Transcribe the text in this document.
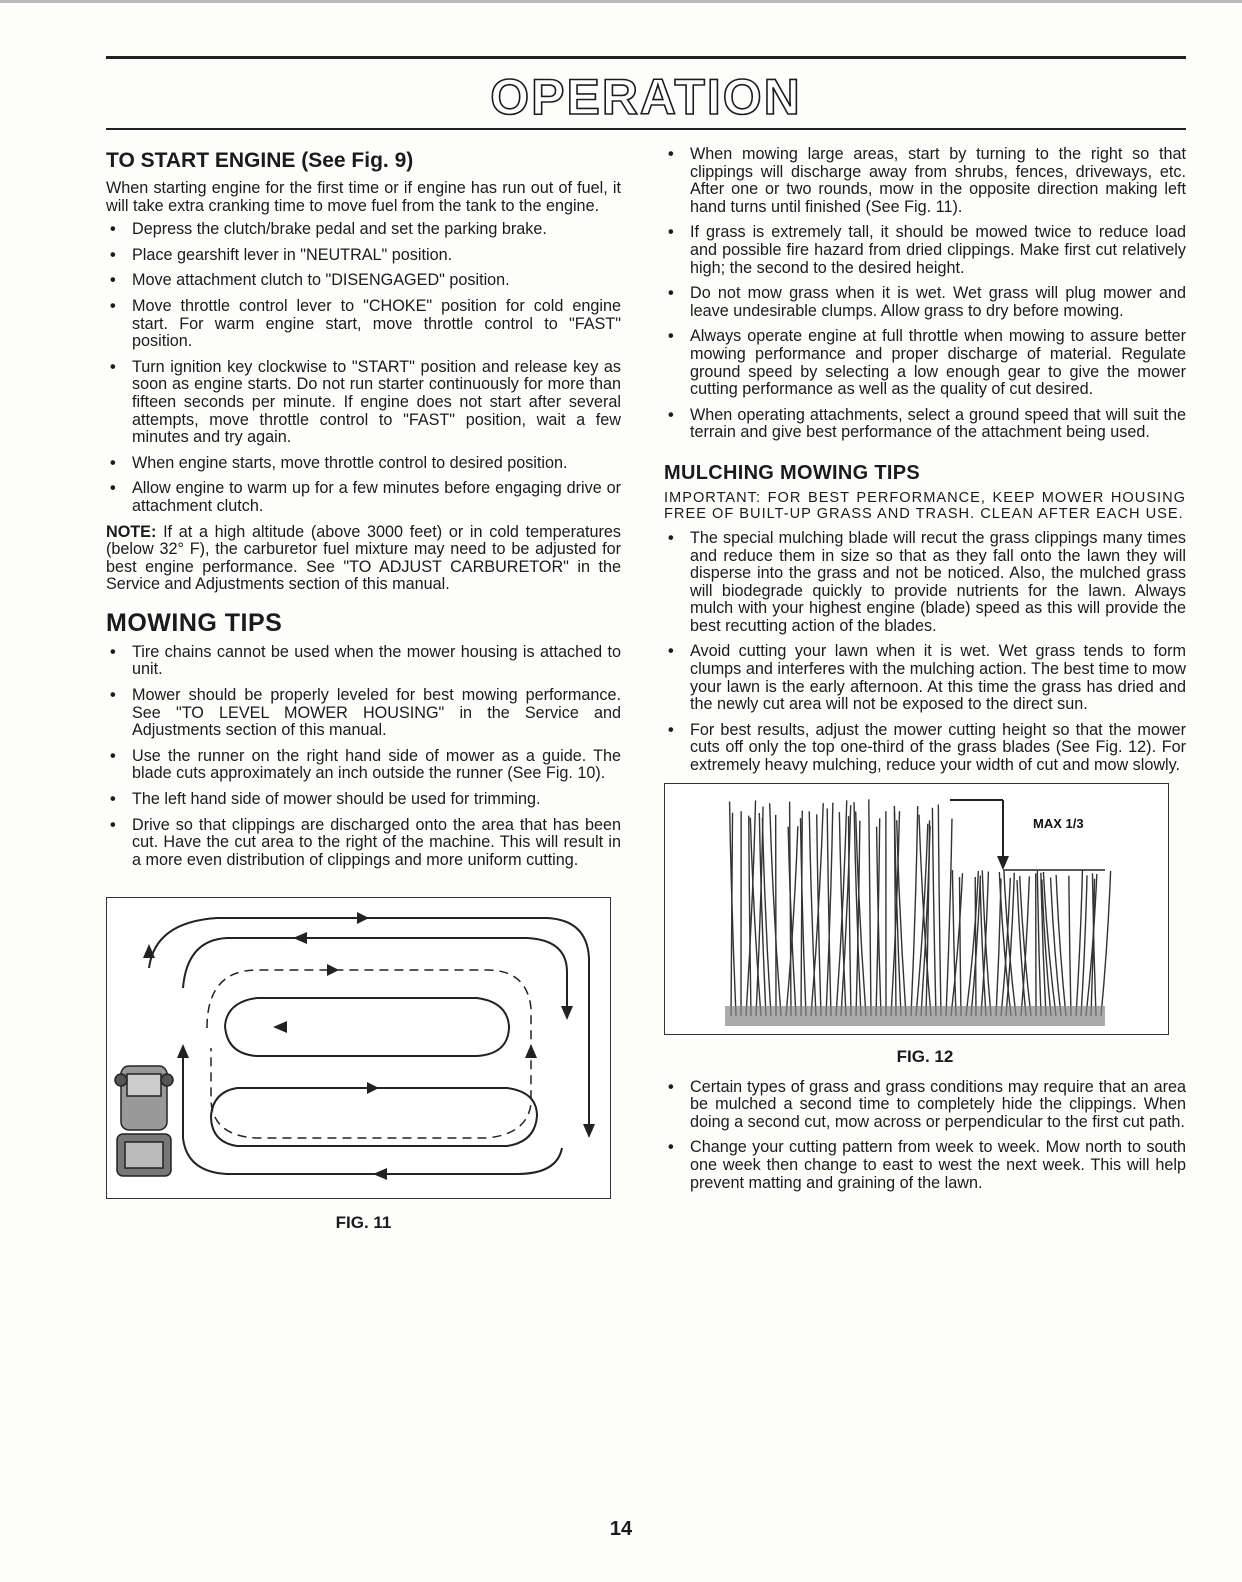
OPERATION
TO START ENGINE (See Fig. 9)

When starting engine for the first time or if engine has run out of fuel, it will take extra cranking time to move fuel from the tank to the engine.

• Depress the clutch/brake pedal and set the parking brake.
• Place gearshift lever in "NEUTRAL" position.
• Move attachment clutch to "DISENGAGED" position.
• Move throttle control lever to "CHOKE" position for cold engine start. For warm engine start, move throttle control to "FAST" position.
• Turn ignition key clockwise to "START" position and release key as soon as engine starts. Do not run starter continuously for more than fifteen seconds per minute. If engine does not start after several attempts, move throttle control to "FAST" position, wait a few minutes and try again.
• When engine starts, move throttle control to desired position.
• Allow engine to warm up for a few minutes before engaging drive or attachment clutch.

NOTE: If at a high altitude (above 3000 feet) or in cold temperatures (below 32° F), the carburetor fuel mixture may need to be adjusted for best engine performance. See "TO ADJUST CARBURETOR" in the Service and Adjustments section of this manual.

MOWING TIPS
• Tire chains cannot be used when the mower housing is attached to unit.
• Mower should be properly leveled for best mowing performance. See "TO LEVEL MOWER HOUSING" in the Service and Adjustments section of this manual.
• Use the runner on the right hand side of mower as a guide. The blade cuts approximately an inch outside the runner (See Fig. 10).
• The left hand side of mower should be used for trimming.
• Drive so that clippings are discharged onto the area that has been cut. Have the cut area to the right of the machine. This will result in a more even distribution of clippings and more uniform cutting.
FIG. 11
• When mowing large areas, start by turning to the right so that clippings will discharge away from shrubs, fences, driveways, etc. After one or two rounds, mow in the opposite direction making left hand turns until finished (See Fig. 11).
• If grass is extremely tall, it should be mowed twice to reduce load and possible fire hazard from dried clippings. Make first cut relatively high; the second to the desired height.
• Do not mow grass when it is wet. Wet grass will plug mower and leave undesirable clumps. Allow grass to dry before mowing.
• Always operate engine at full throttle when mowing to assure better mowing performance and proper discharge of material. Regulate ground speed by selecting a low enough gear to give the mower cutting performance as well as the quality of cut desired.
• When operating attachments, select a ground speed that will suit the terrain and give best performance of the attachment being used.
MULCHING MOWING TIPS

IMPORTANT: FOR BEST PERFORMANCE, KEEP MOWER HOUSING FREE OF BUILT-UP GRASS AND TRASH. CLEAN AFTER EACH USE.

• The special mulching blade will recut the grass clippings many times and reduce them in size so that as they fall onto the lawn they will disperse into the grass and not be noticed. Also, the mulched grass will biodegrade quickly to provide nutrients for the lawn. Always mulch with your highest engine (blade) speed as this will provide the best recutting action of the blades.
• Avoid cutting your lawn when it is wet. Wet grass tends to form clumps and interferes with the mulching action. The best time to mow your lawn is the early afternoon. At this time the grass has dried and the newly cut area will not be exposed to the direct sun.
• For best results, adjust the mower cutting height so that the mower cuts off only the top one-third of the grass blades (See Fig. 12). For extremely heavy mulching, reduce your width of cut and mow slowly.
MAX 1/3
FIG. 12
• Certain types of grass and grass conditions may require that an area be mulched a second time to completely hide the clippings. When doing a second cut, mow across or perpendicular to the first cut path.
• Change your cutting pattern from week to week. Mow north to south one week then change to east to west the next week. This will help prevent matting and graining of the lawn.
14
